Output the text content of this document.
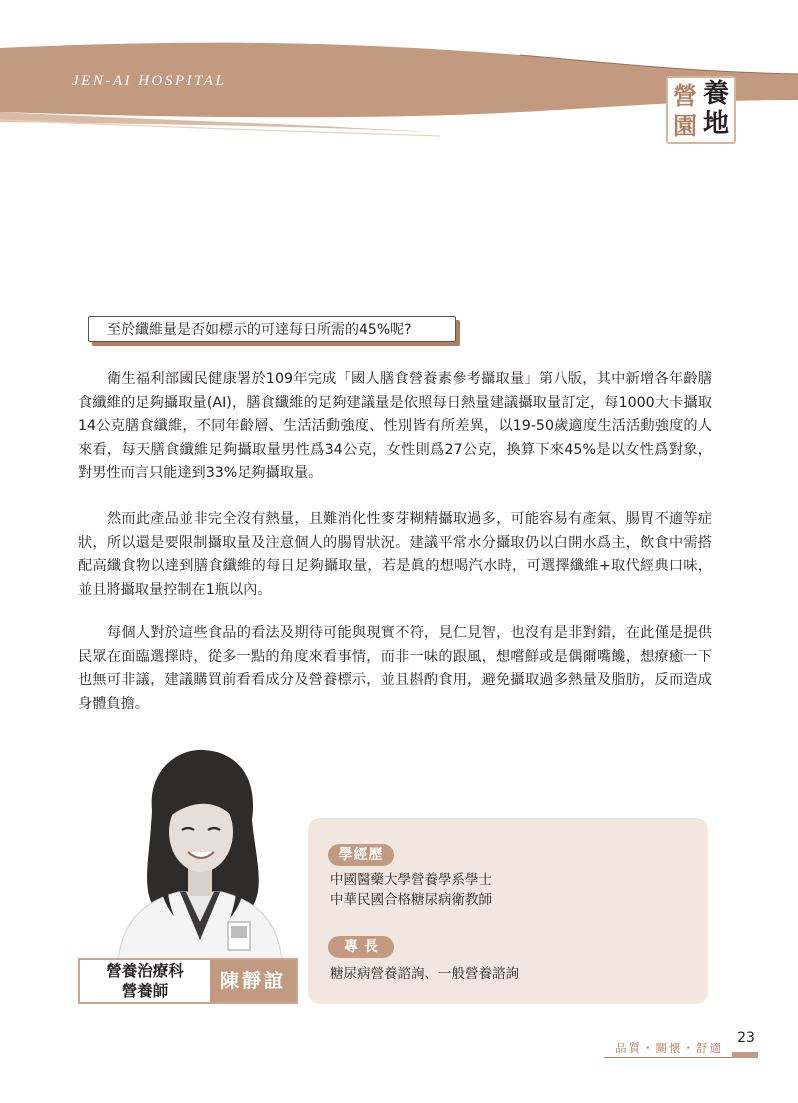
JEN-AI HOSPITAL	營 養
園 地
至於纖維量是否如標示的可達每日所需的45%呢?

衛生福利部國民健康署於109年完成「國人膳食營養素參考攝取量」第八版，其中新增各年齡膳食纖維的足夠攝取量(AI)，膳食纖維的足夠建議量是依照每日熱量建議攝取量訂定，每1000大卡攝取14公克膳食纖維，不同年齡層、生活活動強度、性別皆有所差異，以19-50歲適度生活活動強度的人來看，每天膳食纖維足夠攝取量男性爲34公克，女性則爲27公克，換算下來45%是以女性爲對象，對男性而言只能達到33%足夠攝取量。

然而此產品並非完全沒有熱量，且難消化性麥芽糊精攝取過多，可能容易有產氣、腸胃不適等症狀，所以還是要限制攝取量及注意個人的腸胃狀況。建議平常水分攝取仍以白開水爲主，飲食中需搭配高纖食物以達到膳食纖維的每日足夠攝取量，若是眞的想喝汽水時，可選擇纖維+取代經典口味，並且將攝取量控制在1瓶以內。

每個人對於這些食品的看法及期待可能與現實不符，見仁見智，也沒有是非對錯，在此僅是提供民眾在面臨選擇時，從多一點的角度來看事情，而非一味的跟風，想嚐鮮或是偶爾嘴饞，想療癒一下也無可非議，建議購買前看看成分及營養標示，並且斟酌食用，避免攝取過多熱量及脂肪，反而造成身體負擔。

營養治療科
營養師	陳靜誼
學經歷
中國醫藥大學營養學系學士
中華民國合格糖尿病衛教師
專長
糖尿病營養諮詢、一般營養諮詢
品質・關懷・舒適
23
